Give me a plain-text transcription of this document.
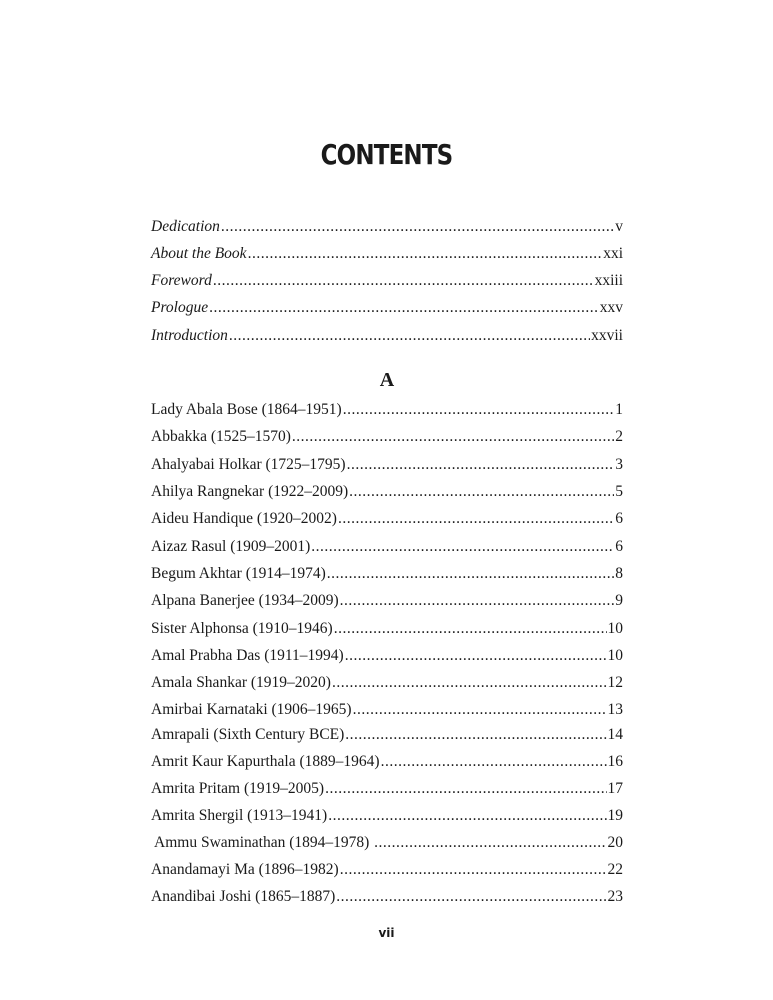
CONTENTS
Dedication .....	v
About the Book .....	xxi
Foreword .....	xxiii
Prologue .....	xxv
Introduction .....	xxvii
A
Lady Abala Bose (1864–1951) .....	1
Abbakka (1525–1570) .....	2
Ahalyabai Holkar (1725–1795) .....	3
Ahilya Rangnekar (1922–2009) .....	5
Aideu Handique (1920–2002) .....	6
Aizaz Rasul (1909–2001) .....	6
Begum Akhtar (1914–1974) .....	8
Alpana Banerjee (1934–2009) .....	9
Sister Alphonsa (1910–1946) .....	10
Amal Prabha Das (1911–1994) .....	10
Amala Shankar (1919–2020) .....	12
Amirbai Karnataki (1906–1965) .....	13
Amrapali (Sixth Century BCE) .....	14
Amrit Kaur Kapurthala (1889–1964) .....	16
Amrita Pritam (1919–2005) .....	17
Amrita Shergil (1913–1941) .....	19
Ammu Swaminathan (1894–1978) .....	20
Anandamayi Ma (1896–1982) .....	22
Anandibai Joshi (1865–1887) .....	23
vii
